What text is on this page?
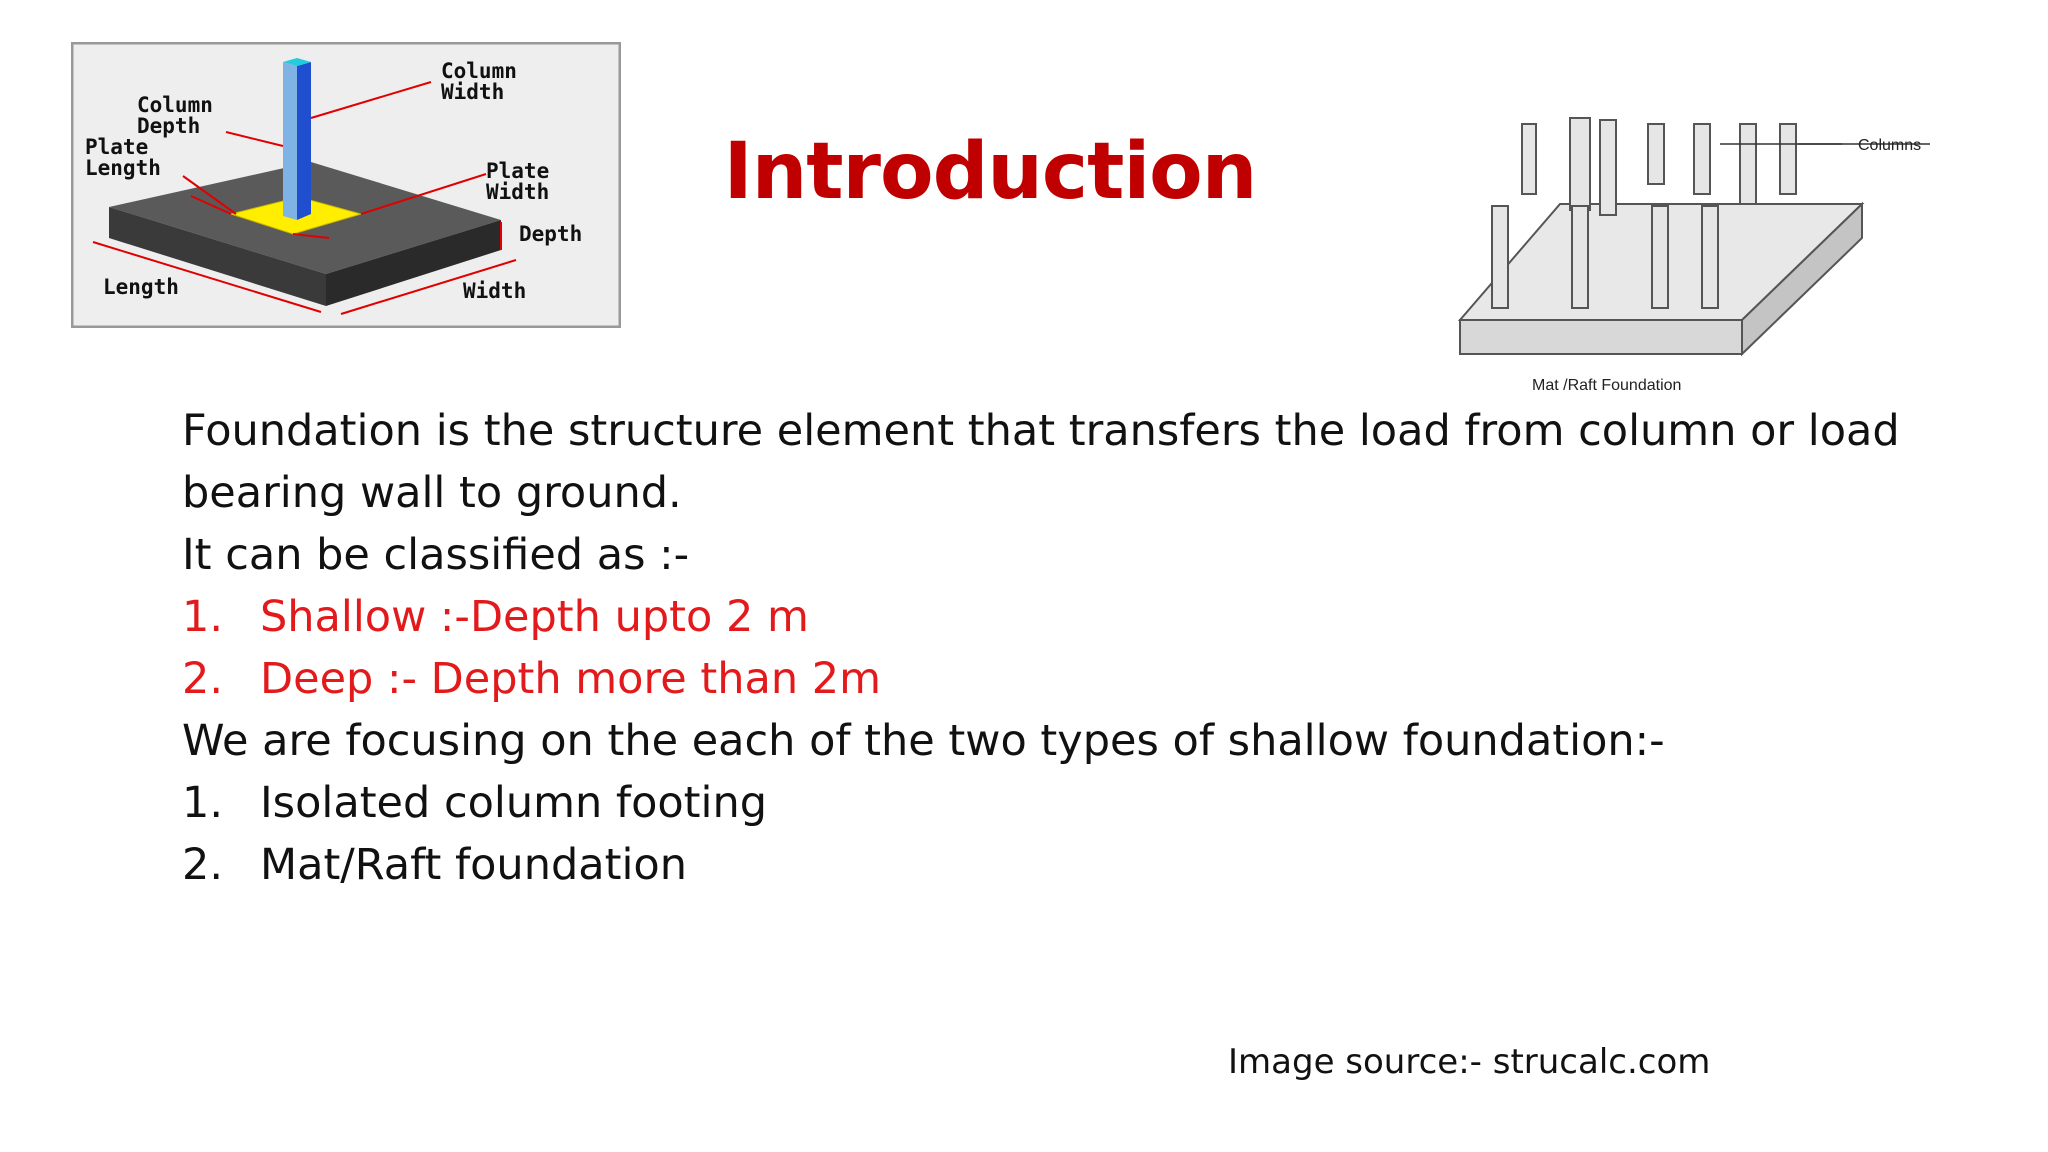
Column
Width
Column
Depth
Plate
Length	Plate
Width
Depth
Length	Width
Introduction	Columns
Mat /Raft Foundation

Foundation is the structure element that transfers the load from column or load bearing wall to ground.

It can be classified as :-

1. Shallow :-Depth upto 2 m
2. Deep :- Depth more than 2m

We are focusing on the each of the two types of shallow foundation:-

1. Isolated column footing
2. Mat/Raft foundation
Image source:- strucalc.com
